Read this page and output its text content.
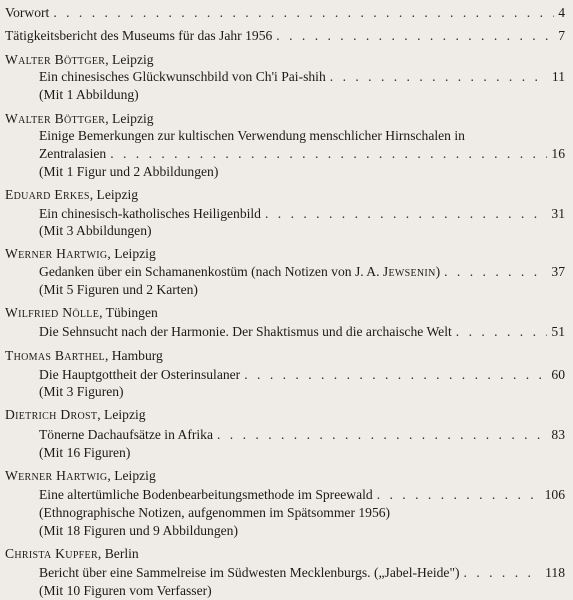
Vorwort . . .	4
Tätigkeitsbericht des Museums für das Jahr 1956 . . .	7
Walter Böttger, Leipzig
Ein chinesisches Glückwunschbild von Ch'i Pai-shih . . .	11
(Mit 1 Abbildung)
Walter Böttger, Leipzig
Einige Bemerkungen zur kultischen Verwendung menschlicher Hirnschalen in
Zentralasien . . .	16
(Mit 1 Figur und 2 Abbildungen)
Eduard Erkes, Leipzig
Ein chinesisch-katholisches Heiligenbild . . .	31
(Mit 3 Abbildungen)
Werner Hartwig, Leipzig
Gedanken über ein Schamanenkostüm (nach Notizen von J. A. Jewsenin) . . .	37
(Mit 5 Figuren und 2 Karten)
Wilfried Nölle, Tübingen
Die Sehnsucht nach der Harmonie. Der Shaktismus und die archaische Welt . . .	51
Thomas Barthel, Hamburg
Die Hauptgottheit der Osterinsulaner . . .	60
(Mit 3 Figuren)
Dietrich Drost, Leipzig
Tönerne Dachaufsätze in Afrika . . .	83
(Mit 16 Figuren)
Werner Hartwig, Leipzig
Eine altertümliche Bodenbearbeitungsmethode im Spreewald . . .	106
(Ethnographische Notizen, aufgenommen im Spätsommer 1956)
(Mit 18 Figuren und 9 Abbildungen)
Christa Kupfer, Berlin
Bericht über eine Sammelreise im Südwesten Mecklenburgs. („Jabel-Heide") . . .	118
(Mit 10 Figuren vom Verfasser)
